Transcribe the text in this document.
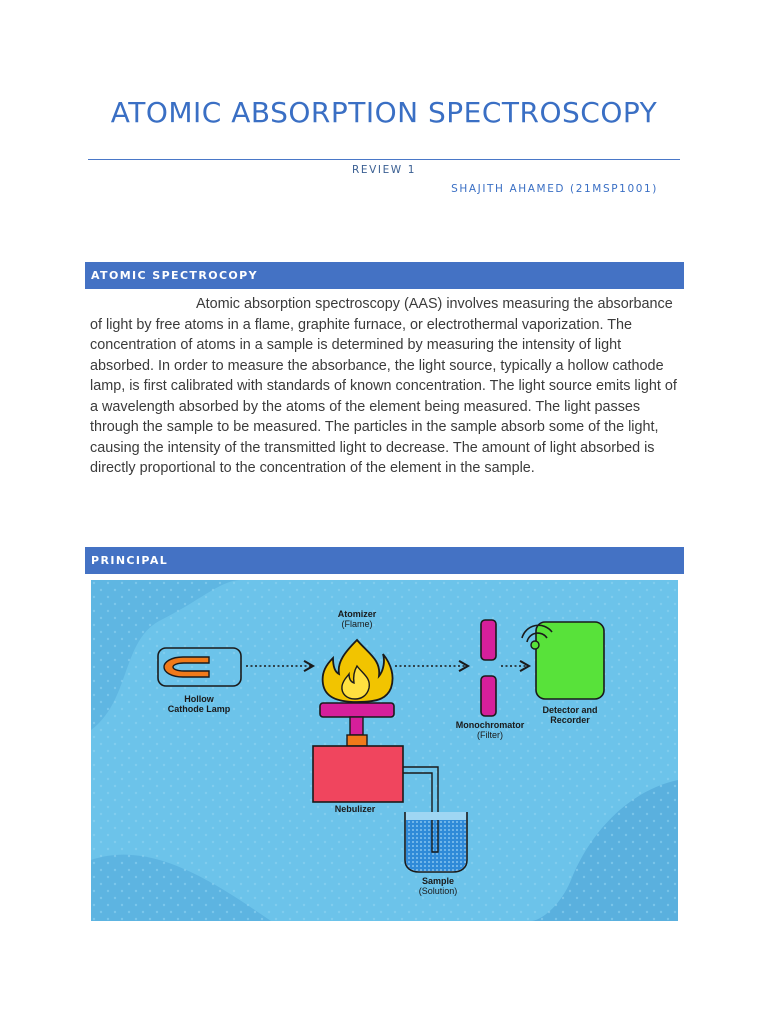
ATOMIC ABSORPTION SPECTROSCOPY
REVIEW 1
SHAJITH AHAMED (21MSP1001)
ATOMIC SPECTROCOPY
Atomic absorption spectroscopy (AAS) involves measuring the absorbance of light by free atoms in a flame, graphite furnace, or electrothermal vaporization. The concentration of atoms in a sample is determined by measuring the intensity of light absorbed. In order to measure the absorbance, the light source, typically a hollow cathode lamp, is first calibrated with standards of known concentration. The light source emits light of a wavelength absorbed by the atoms of the element being measured. The light passes through the sample to be measured. The particles in the sample absorb some of the light, causing the intensity of the transmitted light to decrease. The amount of light absorbed is directly proportional to the concentration of the element in the sample.
PRINCIPAL
Hollow
Cathode Lamp
Atomizer
(Flame)
Nebulizer
Sample
(Solution)
Monochromator
(Filter)
Detector and
Recorder
